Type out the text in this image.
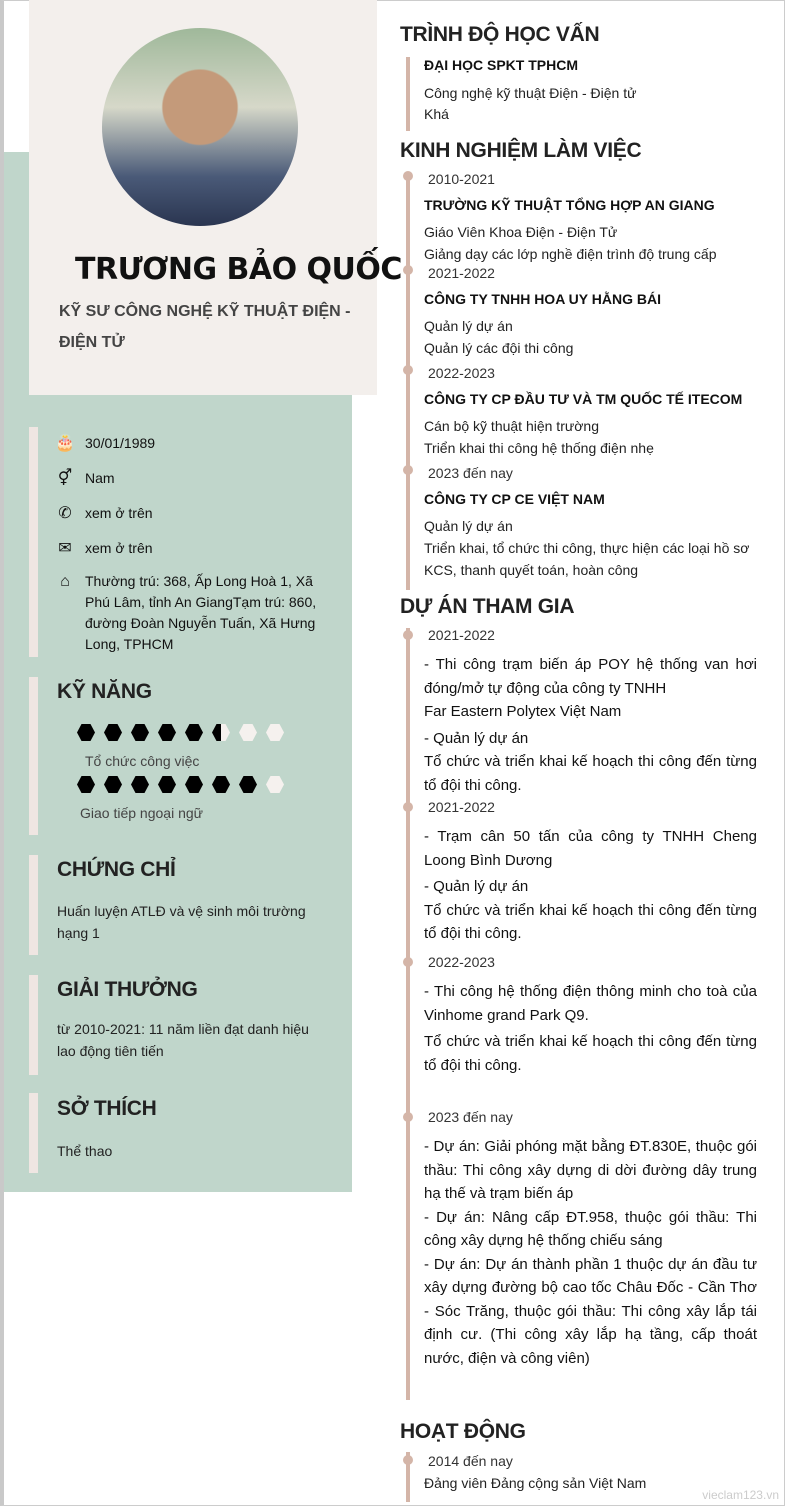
TRƯƠNG BẢO QUỐC
KỸ SƯ CÔNG NGHỆ KỸ THUẬT ĐIỆN - ĐIỆN TỬ
🎂 30/01/1989
⚥ Nam
✆ xem ở trên
✉ xem ở trên
⌂	Thường trú: 368, Ấp Long Hoà 1, Xã Phú Lâm, tỉnh An GiangTạm trú: 860, đường Đoàn Nguyễn Tuấn, Xã Hưng Long, TPHCM
KỸ NĂNG
Tổ chức công việc
Giao tiếp ngoại ngữ
CHỨNG CHỈ
Huấn luyện ATLĐ và vệ sinh môi trường hạng 1
GIẢI THƯỞNG
từ 2010-2021: 11 năm liền đạt danh hiệu lao động tiên tiến
SỞ THÍCH
Thể thao
TRÌNH ĐỘ HỌC VẤN
ĐẠI HỌC SPKT TPHCM
Công nghệ kỹ thuật Điện - Điện tử
Khá
KINH NGHIỆM LÀM VIỆC
2010-2021
TRƯỜNG KỸ THUẬT TỔNG HỢP AN GIANG
Giáo Viên Khoa Điện - Điện Tử
Giảng dạy các lớp nghề điện trình độ trung cấp
2021-2022
CÔNG TY TNHH HOA UY HẰNG BÁI
Quản lý dự án
Quản lý các đội thi công
2022-2023
CÔNG TY CP ĐẦU TƯ VÀ TM QUỐC TẾ ITECOM
Cán bộ kỹ thuật hiện trường
Triển khai thi công hệ thống điện nhẹ
2023 đến nay
CÔNG TY CP CE VIỆT NAM
Quản lý dự án
Triển khai, tổ chức thi công, thực hiện các loại hồ sơ KCS, thanh quyết toán, hoàn công
DỰ ÁN THAM GIA
2021-2022

- Thi công trạm biến áp POY hệ thống van hơi đóng/mở tự động của công ty TNHH
Far Eastern Polytex Việt Nam

- Quản lý dự án
Tổ chức và triển khai kế hoạch thi công đến từng tổ đội thi công.

2021-2022

- Trạm cân 50 tấn của công ty TNHH Cheng Loong Bình Dương

- Quản lý dự án
Tổ chức và triển khai kế hoạch thi công đến từng tổ đội thi công.

2022-2023

- Thi công hệ thống điện thông minh cho toà của Vinhome grand Park Q9.

Tổ chức và triển khai kế hoạch thi công đến từng tổ đội thi công.

2023 đến nay

- Dự án: Giải phóng mặt bằng ĐT.830E, thuộc gói thầu: Thi công xây dựng di dời đường dây trung hạ thế và trạm biến áp
- Dự án: Nâng cấp ĐT.958, thuộc gói thầu: Thi công xây dựng hệ thống chiếu sáng
- Dự án: Dự án thành phần 1 thuộc dự án đầu tư xây dựng đường bộ cao tốc Châu Đốc - Cần Thơ - Sóc Trăng, thuộc gói thầu: Thi công xây lắp tái định cư. (Thi công xây lắp hạ tầng, cấp thoát nước, điện và công viên)

HOẠT ĐỘNG
2014 đến nay
Đảng viên Đảng cộng sản Việt Nam
vieclam123.vn
